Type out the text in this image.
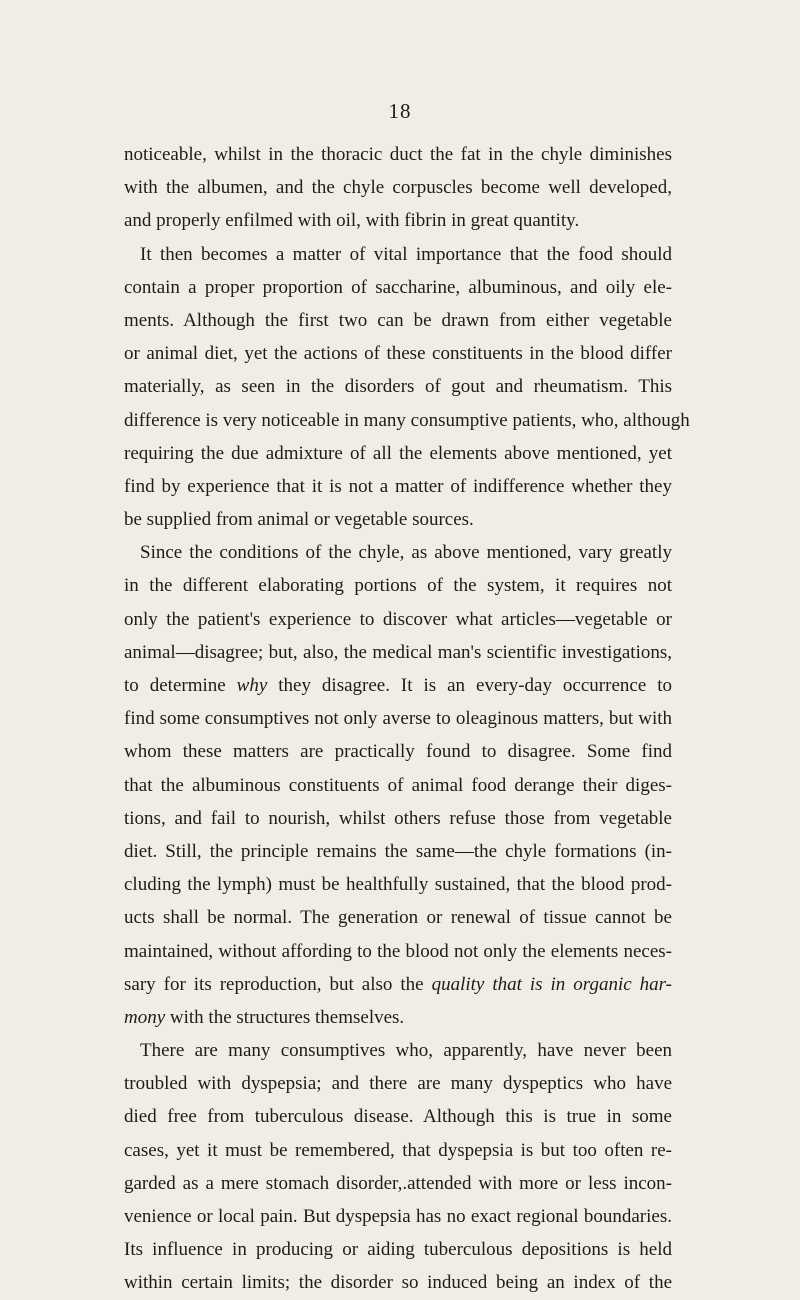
18
noticeable, whilst in the thoracic duct the fat in the chyle diminishes
with the albumen, and the chyle corpuscles become well developed,
and properly enfilmed with oil, with fibrin in great quantity.
It then becomes a matter of vital importance that the food should
contain a proper proportion of saccharine, albuminous, and oily ele-
ments. Although the first two can be drawn from either vegetable
or animal diet, yet the actions of these constituents in the blood differ
materially, as seen in the disorders of gout and rheumatism. This
difference is very noticeable in many consumptive patients, who, although
requiring the due admixture of all the elements above mentioned, yet
find by experience that it is not a matter of indifference whether they
be supplied from animal or vegetable sources.
Since the conditions of the chyle, as above mentioned, vary greatly
in the different elaborating portions of the system, it requires not
only the patient's experience to discover what articles—vegetable or
animal—disagree; but, also, the medical man's scientific investigations,
to determine why they disagree. It is an every-day occurrence to
find some consumptives not only averse to oleaginous matters, but with
whom these matters are practically found to disagree. Some find
that the albuminous constituents of animal food derange their diges-
tions, and fail to nourish, whilst others refuse those from vegetable
diet. Still, the principle remains the same—the chyle formations (in-
cluding the lymph) must be healthfully sustained, that the blood prod-
ucts shall be normal. The generation or renewal of tissue cannot be
maintained, without affording to the blood not only the elements neces-
sary for its reproduction, but also the quality that is in organic har-
mony with the structures themselves.
There are many consumptives who, apparently, have never been
troubled with dyspepsia; and there are many dyspeptics who have
died free from tuberculous disease. Although this is true in some
cases, yet it must be remembered, that dyspepsia is but too often re-
garded as a mere stomach disorder,.attended with more or less incon-
venience or local pain. But dyspepsia has no exact regional boundaries.
Its influence in producing or aiding tuberculous depositions is held
within certain limits; the disorder so induced being an index of the
